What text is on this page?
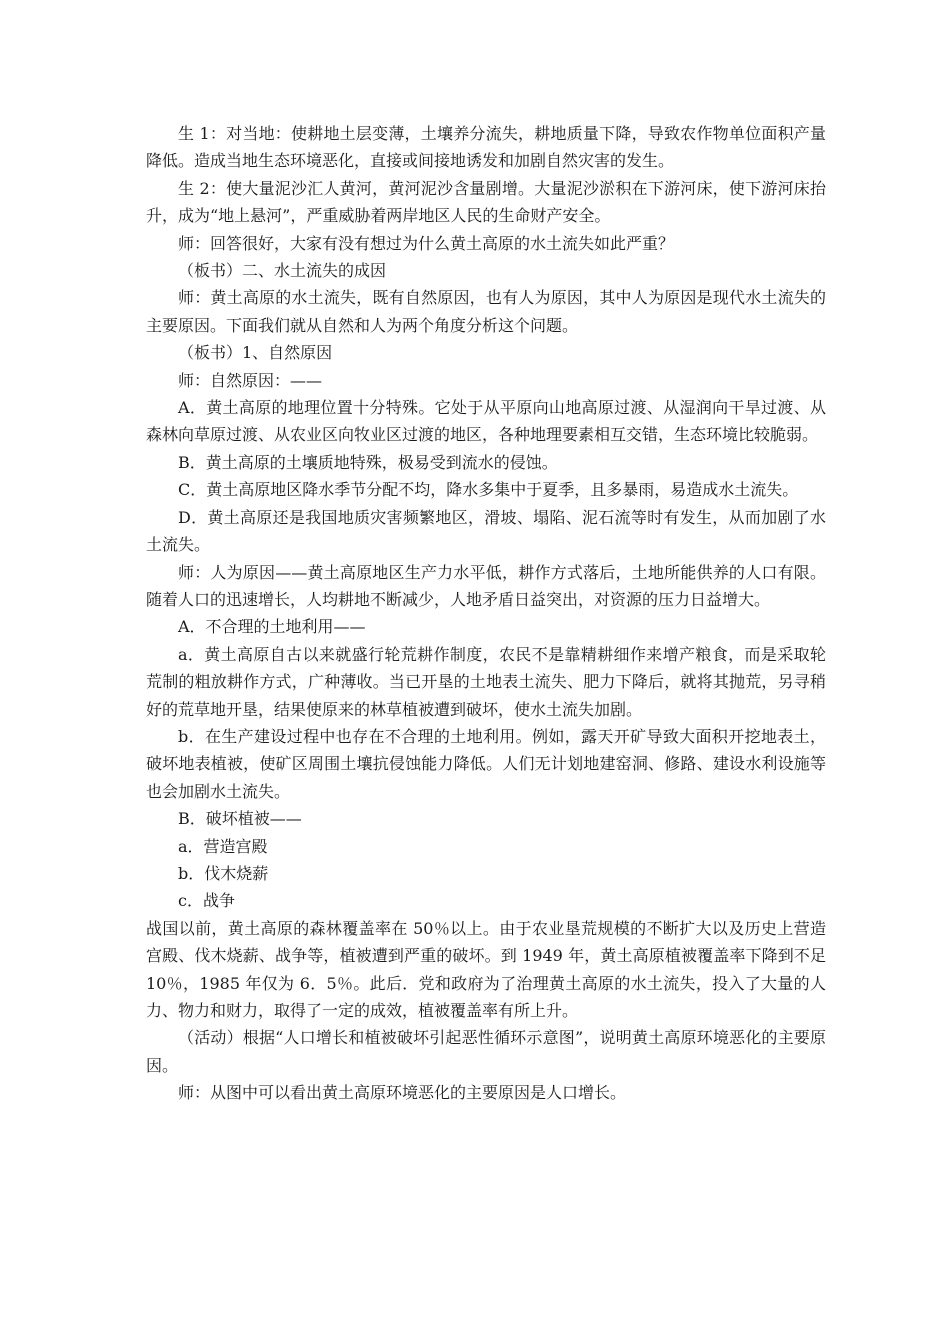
生 1：对当地：使耕地土层变薄，土壤养分流失，耕地质量下降，导致农作物单位面积产量降低。造成当地生态环境恶化，直接或间接地诱发和加剧自然灾害的发生。

生 2：使大量泥沙汇人黄河，黄河泥沙含量剧增。大量泥沙淤积在下游河床，使下游河床抬升，成为“地上悬河”，严重威胁着两岸地区人民的生命财产安全。

师：回答很好，大家有没有想过为什么黄土高原的水土流失如此严重？

（板书）二、水土流失的成因

师：黄土高原的水土流失，既有自然原因，也有人为原因，其中人为原因是现代水土流失的主要原因。下面我们就从自然和人为两个角度分析这个问题。

（板书）1、自然原因

师：自然原因：——

A．黄土高原的地理位置十分特殊。它处于从平原向山地高原过渡、从湿润向干旱过渡、从森林向草原过渡、从农业区向牧业区过渡的地区，各种地理要素相互交错，生态环境比较脆弱。

B．黄土高原的土壤质地特殊，极易受到流水的侵蚀。

C．黄土高原地区降水季节分配不均，降水多集中于夏季，且多暴雨，易造成水土流失。

D．黄土高原还是我国地质灾害频繁地区，滑坡、塌陷、泥石流等时有发生，从而加剧了水土流失。

师：人为原因——黄土高原地区生产力水平低，耕作方式落后，土地所能供养的人口有限。随着人口的迅速增长，人均耕地不断减少，人地矛盾日益突出，对资源的压力日益增大。

A．不合理的土地利用——

a．黄土高原自古以来就盛行轮荒耕作制度，农民不是靠精耕细作来增产粮食，而是采取轮荒制的粗放耕作方式，广种薄收。当已开垦的土地表土流失、肥力下降后，就将其抛荒，另寻稍好的荒草地开垦，结果使原来的林草植被遭到破坏，使水土流失加剧。

b．在生产建设过程中也存在不合理的土地利用。例如，露天开矿导致大面积开挖地表土，破坏地表植被，使矿区周围土壤抗侵蚀能力降低。人们无计划地建窑洞、修路、建设水利设施等也会加剧水土流失。

B．破坏植被——

a．营造宫殿

b．伐木烧薪

c．战争

战国以前，黄土高原的森林覆盖率在 50％以上。由于农业垦荒规模的不断扩大以及历史上营造宫殿、伐木烧薪、战争等，植被遭到严重的破坏。到 1949 年，黄土高原植被覆盖率下降到不足 10％，1985 年仅为 6．5％。此后．党和政府为了治理黄土高原的水土流失，投入了大量的人力、物力和财力，取得了一定的成效，植被覆盖率有所上升。

（活动）根据“人口增长和植被破坏引起恶性循环示意图”，说明黄土高原环境恶化的主要原因。

师：从图中可以看出黄土高原环境恶化的主要原因是人口增长。
